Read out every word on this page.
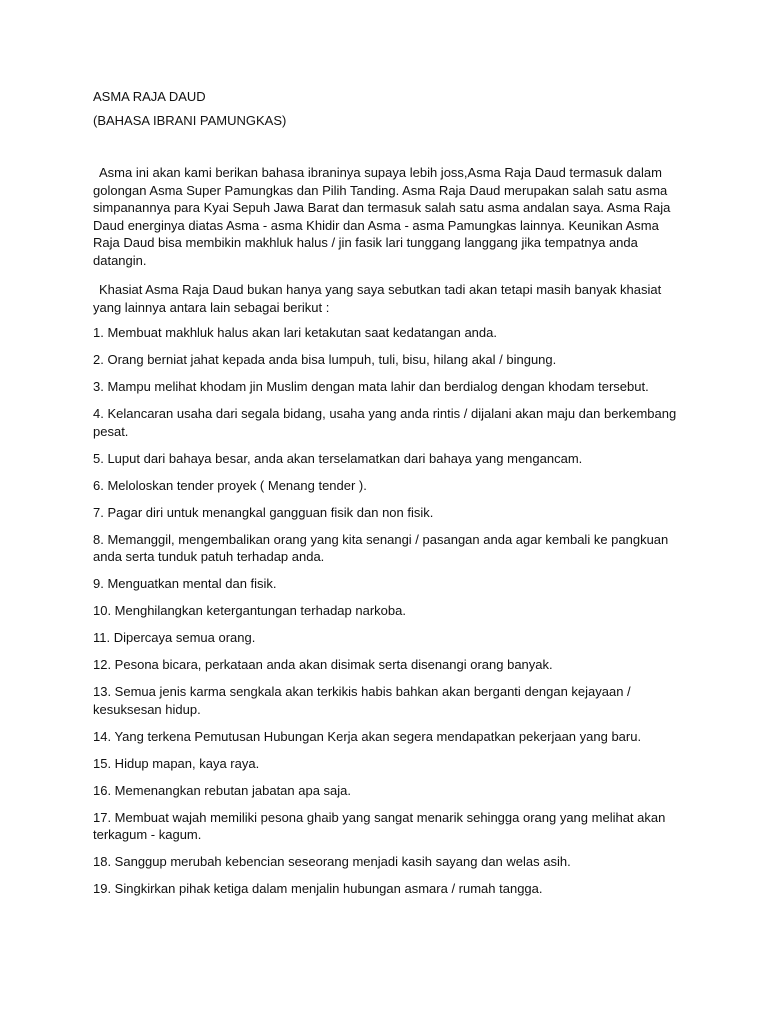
ASMA RAJA DAUD
(BAHASA IBRANI PAMUNGKAS)

Asma ini akan kami berikan bahasa ibraninya supaya lebih joss,Asma Raja Daud termasuk dalam golongan Asma Super Pamungkas dan Pilih Tanding. Asma Raja Daud merupakan salah satu asma simpanannya para Kyai Sepuh Jawa Barat dan termasuk salah satu asma andalan saya. Asma Raja Daud energinya diatas Asma - asma Khidir dan Asma - asma Pamungkas lainnya. Keunikan Asma Raja Daud bisa membikin makhluk halus / jin fasik lari tunggang langgang jika tempatnya anda datangin.

Khasiat Asma Raja Daud bukan hanya yang saya sebutkan tadi akan tetapi masih banyak khasiat yang lainnya antara lain sebagai berikut :

1. Membuat makhluk halus akan lari ketakutan saat kedatangan anda.
2. Orang berniat jahat kepada anda bisa lumpuh, tuli, bisu, hilang akal / bingung.
3. Mampu melihat khodam jin Muslim dengan mata lahir dan berdialog dengan khodam tersebut.
4. Kelancaran usaha dari segala bidang, usaha yang anda rintis / dijalani akan maju dan berkembang pesat.
5. Luput dari bahaya besar, anda akan terselamatkan dari bahaya yang mengancam.
6. Meloloskan tender proyek ( Menang tender ).
7. Pagar diri untuk menangkal gangguan fisik dan non fisik.
8. Memanggil, mengembalikan orang yang kita senangi / pasangan anda agar kembali ke pangkuan anda serta tunduk patuh terhadap anda.
9. Menguatkan mental dan fisik.
10. Menghilangkan ketergantungan terhadap narkoba.
11. Dipercaya semua orang.
12. Pesona bicara, perkataan anda akan disimak serta disenangi orang banyak.
13. Semua jenis karma sengkala akan terkikis habis bahkan akan berganti dengan kejayaan / kesuksesan hidup.
14. Yang terkena Pemutusan Hubungan Kerja akan segera mendapatkan pekerjaan yang baru.
15. Hidup mapan, kaya raya.
16. Memenangkan rebutan jabatan apa saja.
17. Membuat wajah memiliki pesona ghaib yang sangat menarik sehingga orang yang melihat akan terkagum - kagum.
18. Sanggup merubah kebencian seseorang menjadi kasih sayang dan welas asih.
19. Singkirkan pihak ketiga dalam menjalin hubungan asmara / rumah tangga.
